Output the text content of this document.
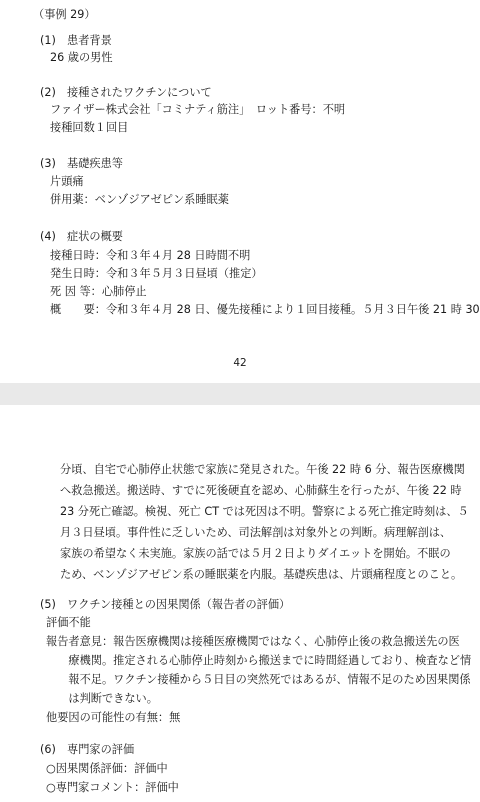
（事例 29）
(1)　患者背景
26 歳の男性
(2)　接種されたワクチンについて
ファイザー株式会社「コミナティ筋注」　ロット番号：不明
接種回数１回目
(3)　基礎疾患等
片頭痛
併用薬：ベンゾジアゼピン系睡眠薬
(4)　症状の概要
接種日時：令和３年４月 28 日時間不明
発生日時：令和３年５月３日昼頃（推定）
死 因 等：心肺停止
概　　要：令和３年４月 28 日、優先接種により１回目接種。５月３日午後 21 時 30
42
分頃、自宅で心肺停止状態で家族に発見された。午後 22 時 6 分、報告医療機関
へ救急搬送。搬送時、すでに死後硬直を認め、心肺蘇生を行ったが、午後 22 時
23 分死亡確認。検視、死亡 CT では死因は不明。警察による死亡推定時刻は、５
月３日昼頃。事件性に乏しいため、司法解剖は対象外との判断。病理解剖は、
家族の希望なく未実施。家族の話では５月２日よりダイエットを開始。不眠の
ため、ベンゾジアゼピン系の睡眠薬を内服。基礎疾患は、片頭痛程度とのこと。
(5)　ワクチン接種との因果関係（報告者の評価）
評価不能
報告者意見：報告医療機関は接種医療機関ではなく、心肺停止後の救急搬送先の医
　　療機関。推定される心肺停止時刻から搬送までに時間経過しており、検査など情
　　報不足。ワクチン接種から５日目の突然死ではあるが、情報不足のため因果関係
　　は判断できない。
他要因の可能性の有無：無
(6)　専門家の評価
○因果関係評価：評価中
○専門家コメント：評価中
